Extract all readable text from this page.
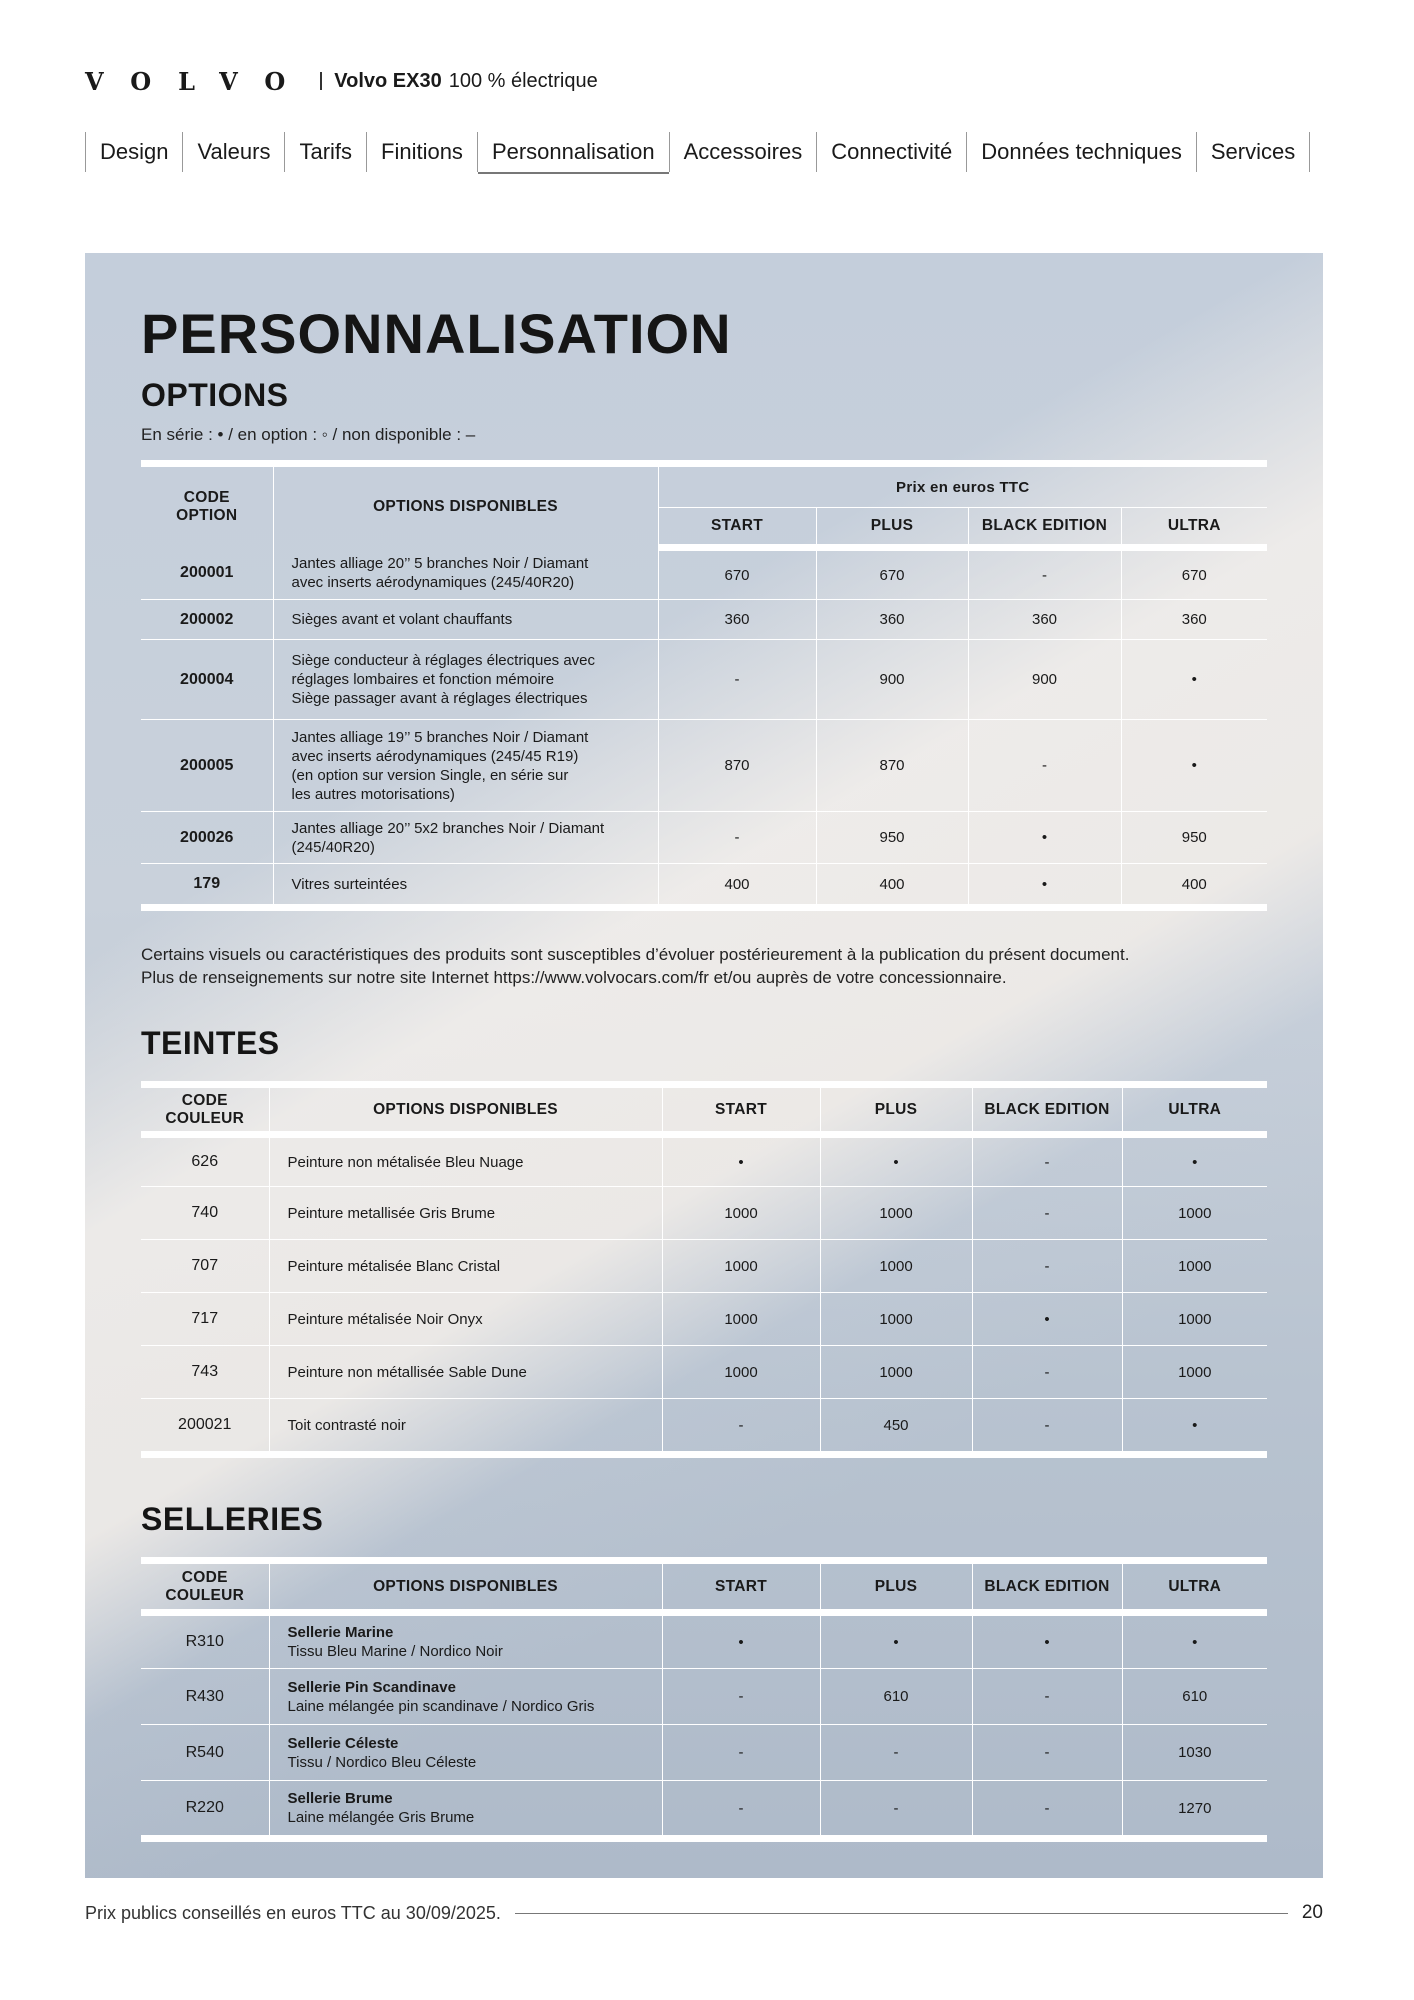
VOLVO Volvo EX30 100 % électrique
Design	Valeurs	Tarifs	Finitions	Personnalisation	Accessoires	Connectivité	Données techniques	Services
PERSONNALISATION
OPTIONS
En série : • / en option : ◦ / non disponible : –
CODE
OPTION	OPTIONS DISPONIBLES	Prix en euros TTC			
		START	PLUS	BLACK EDITION	ULTRA
200001	Jantes alliage 20’’ 5 branches Noir / Diamant
avec inserts aérodynamiques (245/40R20)	670	670	-	670
200002	Sièges avant et volant chauffants	360	360	360	360
200004	Siège conducteur à réglages électriques avec
réglages lombaires et fonction mémoire
Siège passager avant à réglages électriques	-	900	900	•
200005	Jantes alliage 19’’ 5 branches Noir / Diamant
avec inserts aérodynamiques (245/45 R19)
(en option sur version Single, en série sur
les autres motorisations)	870	870	-	•
200026	Jantes alliage 20’’ 5x2 branches Noir / Diamant
(245/40R20)	-	950	•	950
179	Vitres surteintées	400	400	•	400
Certains visuels ou caractéristiques des produits sont susceptibles d’évoluer postérieurement à la publication du présent document.
Plus de renseignements sur notre site Internet https://www.volvocars.com/fr et/ou auprès de votre concessionnaire.
TEINTES
CODE
COULEUR	OPTIONS DISPONIBLES	START	PLUS	BLACK EDITION	ULTRA
626	Peinture non métalisée Bleu Nuage	•	•	-	•
740	Peinture metallisée Gris Brume	1000	1000	-	1000
707	Peinture métalisée Blanc Cristal	1000	1000	-	1000
717	Peinture métalisée Noir Onyx	1000	1000	•	1000
743	Peinture non métallisée Sable Dune	1000	1000	-	1000
200021	Toit contrasté noir	-	450	-	•
SELLERIES
CODE
COULEUR	OPTIONS DISPONIBLES	START	PLUS	BLACK EDITION	ULTRA
R310	Sellerie Marine
Tissu Bleu Marine / Nordico Noir	•	•	•	•
R430	Sellerie Pin Scandinave
Laine mélangée pin scandinave / Nordico Gris	-	610	-	610
R540	Sellerie Céleste
Tissu / Nordico Bleu Céleste	-	-	-	1030
R220	Sellerie Brume
Laine mélangée Gris Brume	-	-	-	1270
Prix publics conseillés en euros TTC au 30/09/2025.	20
